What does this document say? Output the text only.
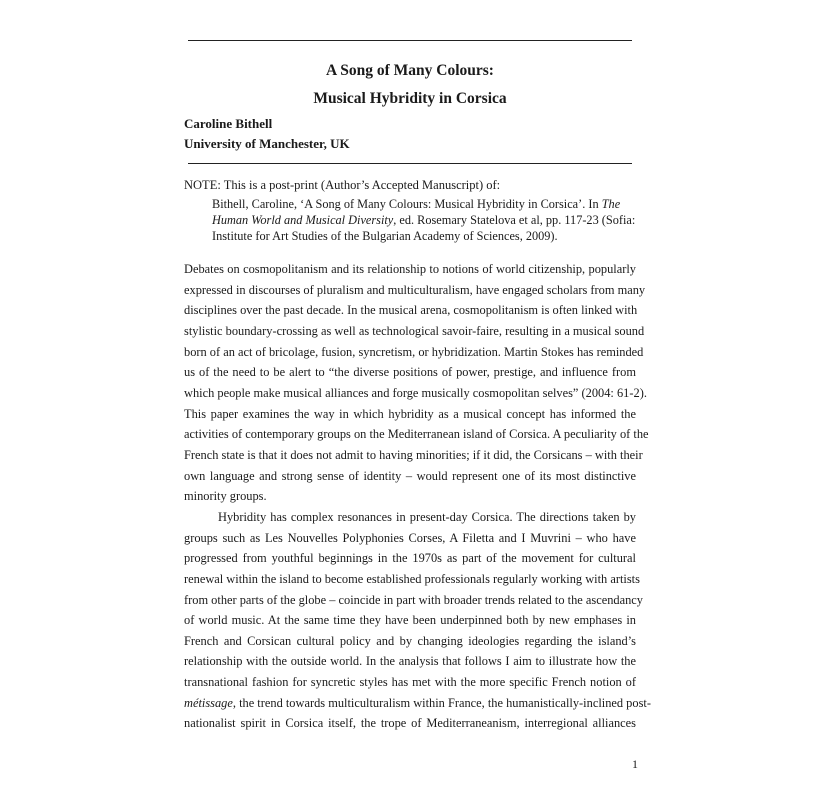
A Song of Many Colours:
Musical Hybridity in Corsica
Caroline Bithell
University of Manchester, UK
NOTE: This is a post-print (Author’s Accepted Manuscript) of:
Bithell, Caroline, ‘A Song of Many Colours: Musical Hybridity in Corsica’. In The Human World and Musical Diversity, ed. Rosemary Statelova et al, pp. 117-23 (Sofia: Institute for Art Studies of the Bulgarian Academy of Sciences, 2009).

Debates on cosmopolitanism and its relationship to notions of world citizenship, popularly
expressed in discourses of pluralism and multiculturalism, have engaged scholars from many
disciplines over the past decade. In the musical arena, cosmopolitanism is often linked with
stylistic boundary-crossing as well as technological savoir-faire, resulting in a musical sound
born of an act of bricolage, fusion, syncretism, or hybridization. Martin Stokes has reminded
us of the need to be alert to “the diverse positions of power, prestige, and influence from
which people make musical alliances and forge musically cosmopolitan selves” (2004: 61-2).
This paper examines the way in which hybridity as a musical concept has informed the
activities of contemporary groups on the Mediterranean island of Corsica. A peculiarity of the
French state is that it does not admit to having minorities; if it did, the Corsicans – with their
own language and strong sense of identity – would represent one of its most distinctive
minority groups.

Hybridity has complex resonances in present-day Corsica. The directions taken by
groups such as Les Nouvelles Polyphonies Corses, A Filetta and I Muvrini – who have
progressed from youthful beginnings in the 1970s as part of the movement for cultural
renewal within the island to become established professionals regularly working with artists
from other parts of the globe – coincide in part with broader trends related to the ascendancy
of world music. At the same time they have been underpinned both by new emphases in
French and Corsican cultural policy and by changing ideologies regarding the island’s
relationship with the outside world. In the analysis that follows I aim to illustrate how the
transnational fashion for syncretic styles has met with the more specific French notion of
métissage, the trend towards multiculturalism within France, the humanistically-inclined post-
nationalist spirit in Corsica itself, the trope of Mediterraneanism, interregional alliances

1
